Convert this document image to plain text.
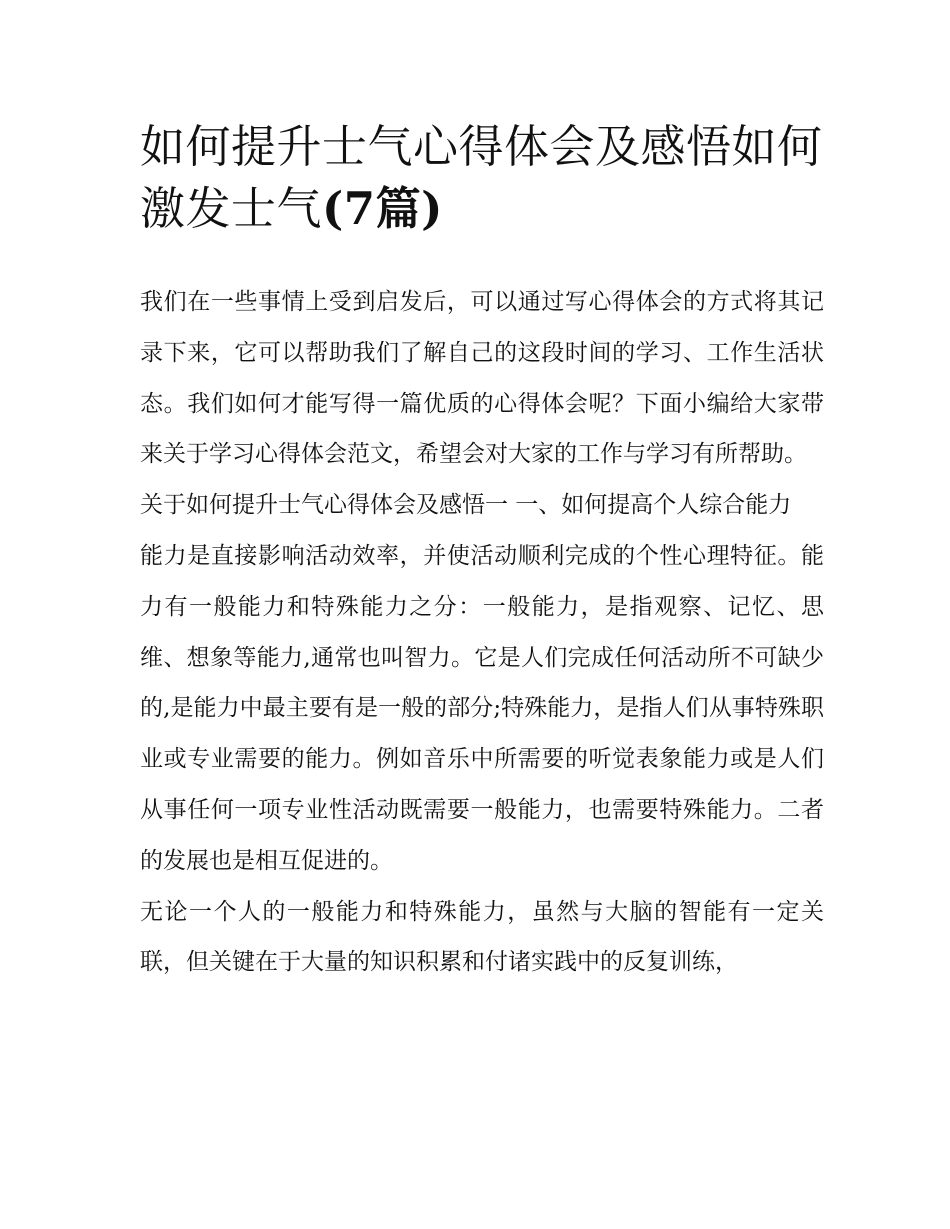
如何提升士气心得体会及感悟如何激发士气(7篇)

我们在一些事情上受到启发后，可以通过写心得体会的方式将其记录下来，它可以帮助我们了解自己的这段时间的学习、工作生活状态。我们如何才能写得一篇优质的心得体会呢？下面小编给大家带来关于学习心得体会范文，希望会对大家的工作与学习有所帮助。

关于如何提升士气心得体会及感悟一 一、如何提高个人综合能力

能力是直接影响活动效率，并使活动顺利完成的个性心理特征。能力有一般能力和特殊能力之分：一般能力，是指观察、记忆、思维、想象等能力,通常也叫智力。它是人们完成任何活动所不可缺少的,是能力中最主要有是一般的部分;特殊能力，是指人们从事特殊职业或专业需要的能力。例如音乐中所需要的听觉表象能力或是人们从事任何一项专业性活动既需要一般能力，也需要特殊能力。二者的发展也是相互促进的。

无论一个人的一般能力和特殊能力，虽然与大脑的智能有一定关联，但关键在于大量的知识积累和付诸实践中的反复训练，
